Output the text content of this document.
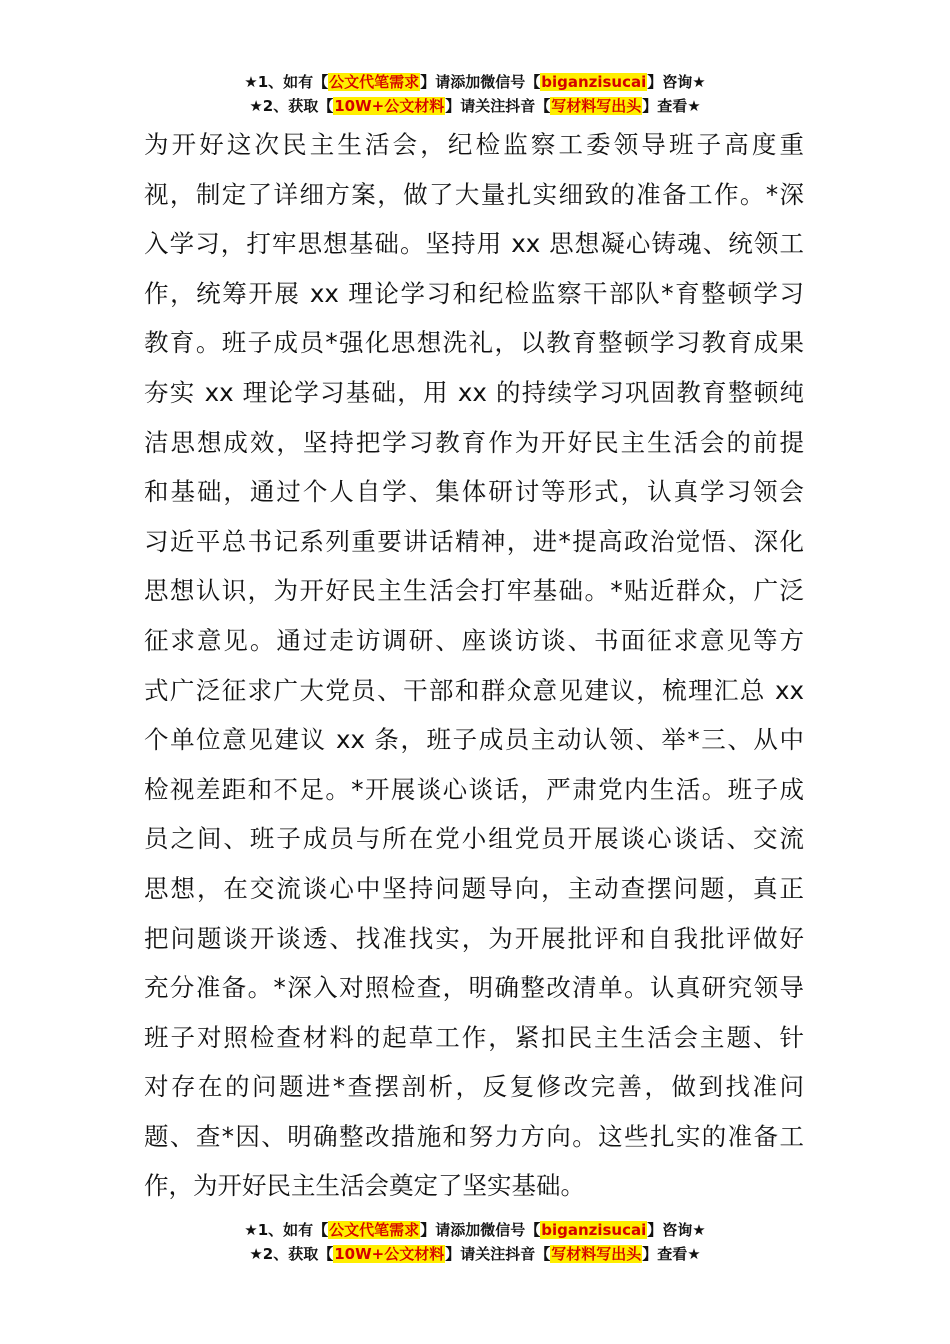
★1、如有【公文代笔需求】请添加微信号【biganzisucai】咨询★
★2、获取【10W+公文材料】请关注抖音【写材料写出头】查看★
为开好这次民主生活会，纪检监察工委领导班子高度重
视，制定了详细方案，做了大量扎实细致的准备工作。*深
入学习，打牢思想基础。坚持用 xx 思想凝心铸魂、统领工
作，统筹开展 xx 理论学习和纪检监察干部队*育整顿学习
教育。班子成员*强化思想洗礼，以教育整顿学习教育成果
夯实 xx 理论学习基础，用 xx 的持续学习巩固教育整顿纯
洁思想成效，坚持把学习教育作为开好民主生活会的前提
和基础，通过个人自学、集体研讨等形式，认真学习领会
习近平总书记系列重要讲话精神，进*提高政治觉悟、深化
思想认识，为开好民主生活会打牢基础。*贴近群众，广泛
征求意见。通过走访调研、座谈访谈、书面征求意见等方
式广泛征求广大党员、干部和群众意见建议，梳理汇总 xx
个单位意见建议 xx 条，班子成员主动认领、举*三、从中
检视差距和不足。*开展谈心谈话，严肃党内生活。班子成
员之间、班子成员与所在党小组党员开展谈心谈话、交流
思想，在交流谈心中坚持问题导向，主动查摆问题，真正
把问题谈开谈透、找准找实，为开展批评和自我批评做好
充分准备。*深入对照检查，明确整改清单。认真研究领导
班子对照检查材料的起草工作，紧扣民主生活会主题、针
对存在的问题进*查摆剖析，反复修改完善，做到找准问
题、查*因、明确整改措施和努力方向。这些扎实的准备工
作，为开好民主生活会奠定了坚实基础。
★1、如有【公文代笔需求】请添加微信号【biganzisucai】咨询★
★2、获取【10W+公文材料】请关注抖音【写材料写出头】查看★
